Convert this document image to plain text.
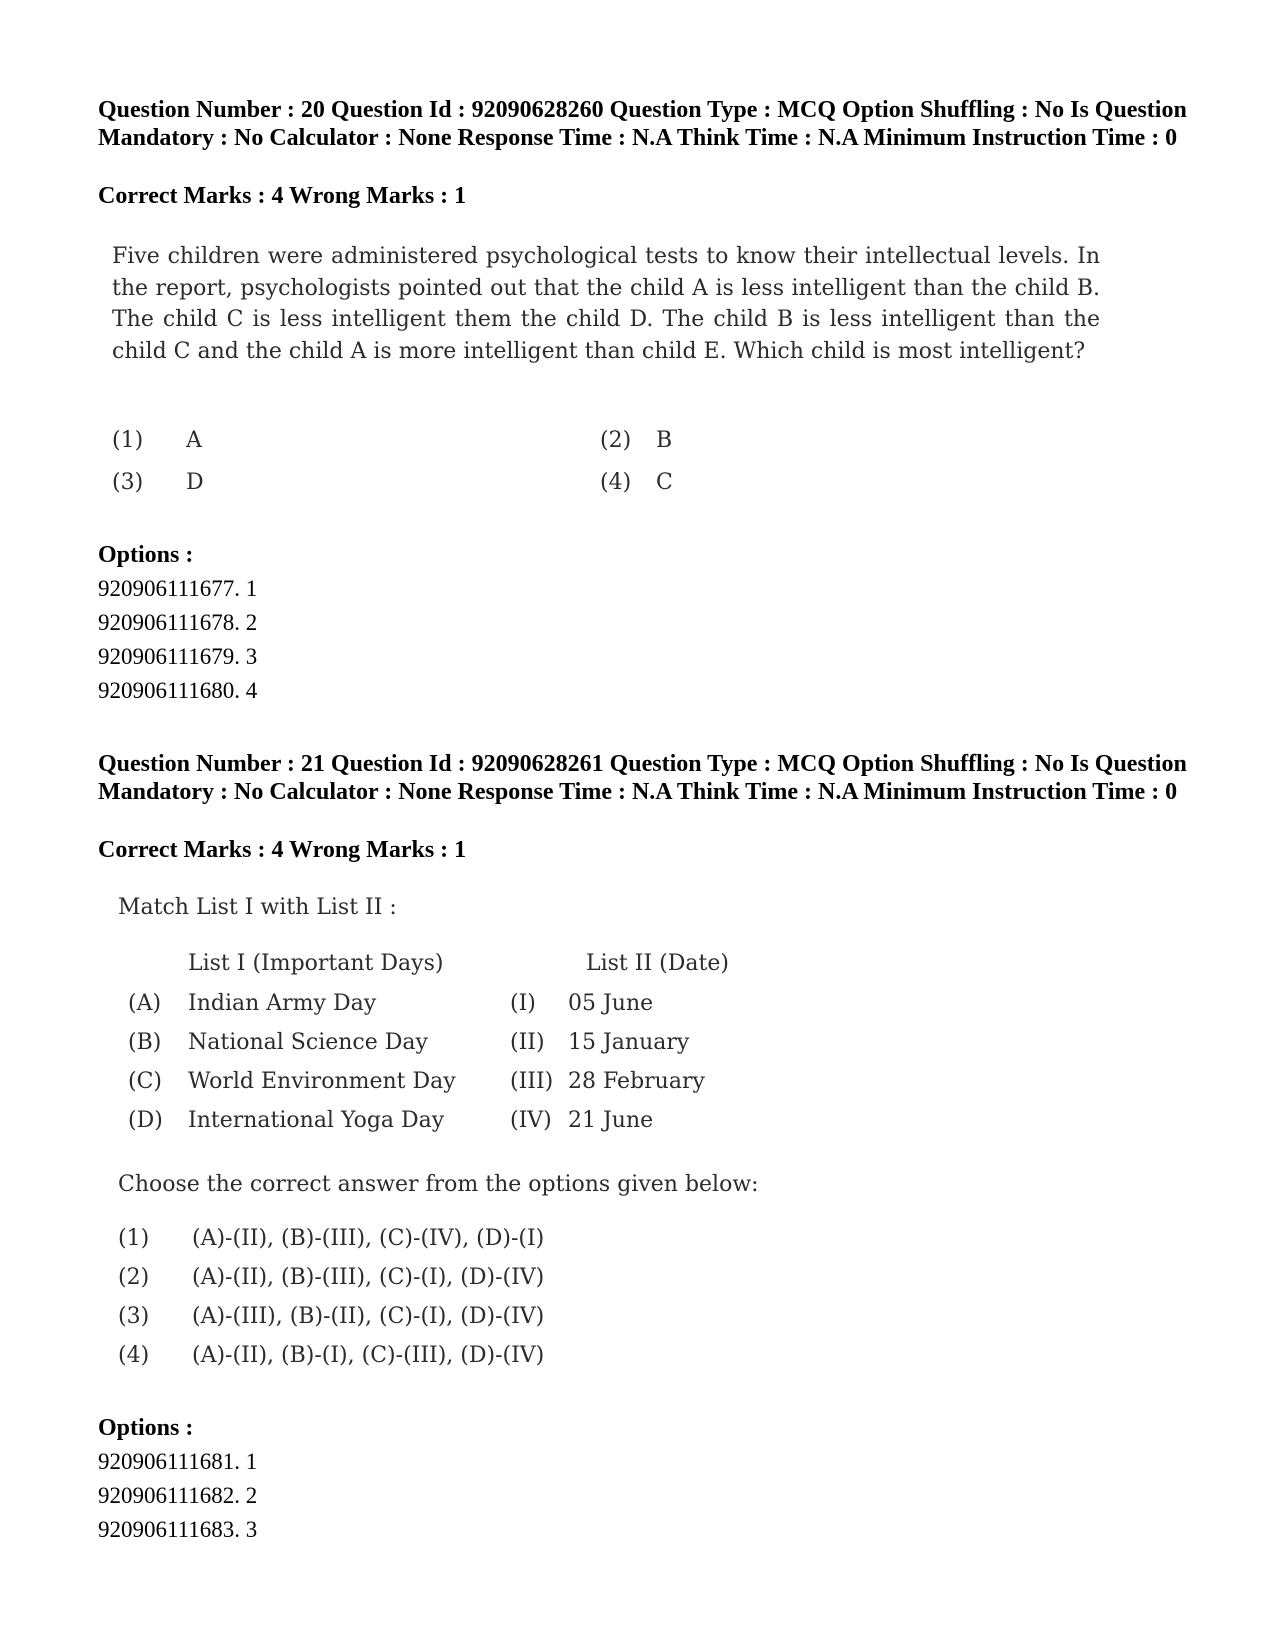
Question Number : 20 Question Id : 92090628260 Question Type : MCQ Option Shuffling : No Is Question Mandatory : No Calculator : None Response Time : N.A Think Time : N.A Minimum Instruction Time : 0
Correct Marks : 4 Wrong Marks : 1
Five children were administered psychological tests to know their intellectual levels. In the report, psychologists pointed out that the child A is less intelligent than the child B. The child C is less intelligent them the child D. The child B is less intelligent than the child C and the child A is more intelligent than child E. Which child is most intelligent?
(1) A	(2) B
(3) D	(4) C
Options :
920906111677. 1
920906111678. 2
920906111679. 3
920906111680. 4
Question Number : 21 Question Id : 92090628261 Question Type : MCQ Option Shuffling : No Is Question Mandatory : No Calculator : None Response Time : N.A Think Time : N.A Minimum Instruction Time : 0
Correct Marks : 4 Wrong Marks : 1
Match List I with List II :
List I (Important Days)	List II (Date)
(A) Indian Army Day	(I) 05 June
(B) National Science Day	(II) 15 January
(C) World Environment Day (III) 28 February
(D) International Yoga Day	(IV) 21 June
Choose the correct answer from the options given below:
(1) (A)-(II), (B)-(III), (C)-(IV), (D)-(I)
(2) (A)-(II), (B)-(III), (C)-(I), (D)-(IV)
(3) (A)-(III), (B)-(II), (C)-(I), (D)-(IV)
(4) (A)-(II), (B)-(I), (C)-(III), (D)-(IV)
Options :
920906111681. 1
920906111682. 2
920906111683. 3
